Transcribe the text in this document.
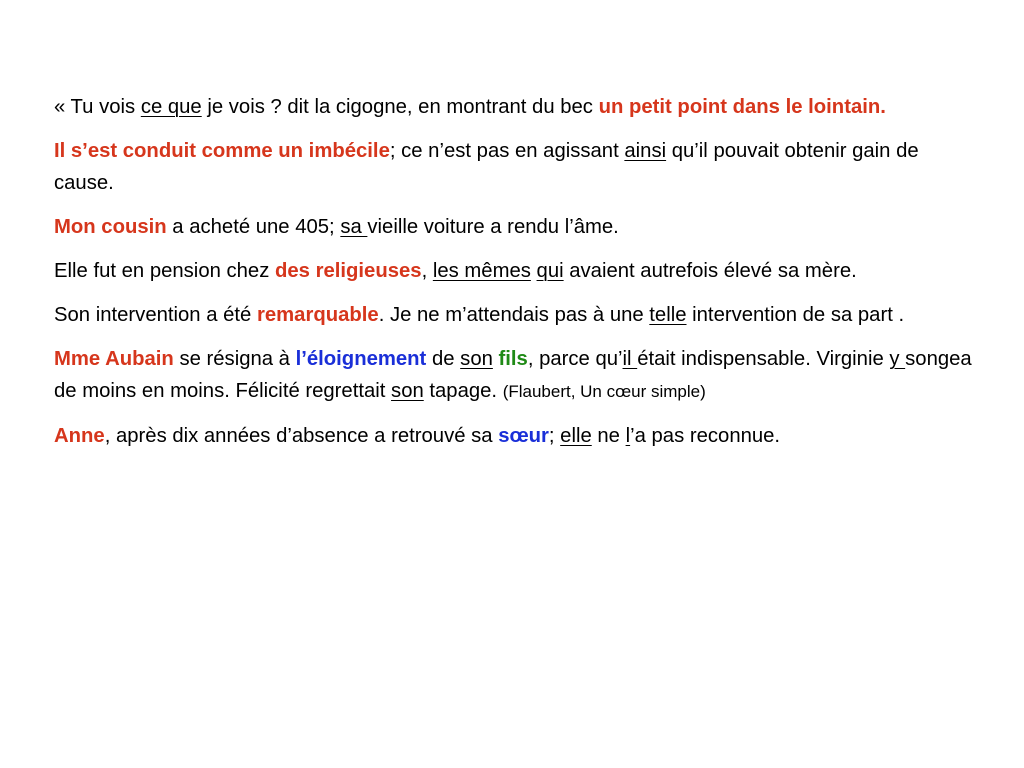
« Tu vois ce que je vois ? dit la cigogne, en montrant du bec un petit point dans le lointain.

Il s’est conduit comme un imbécile; ce n’est pas en agissant ainsi qu’il pouvait obtenir gain de cause.

Mon cousin a acheté une 405; sa vieille voiture a rendu l’âme.

Elle fut en pension chez des religieuses, les mêmes qui avaient autrefois élevé sa mère.

Son intervention a été remarquable. Je ne m’attendais pas à une telle intervention de sa part .

Mme Aubain se résigna à l’éloignement de son fils, parce qu’il était indispensable. Virginie y songea de moins en moins. Félicité regrettait son tapage. (Flaubert, Un cœur simple)

Anne, après dix années d’absence a retrouvé sa sœur; elle ne l’a pas reconnue.
